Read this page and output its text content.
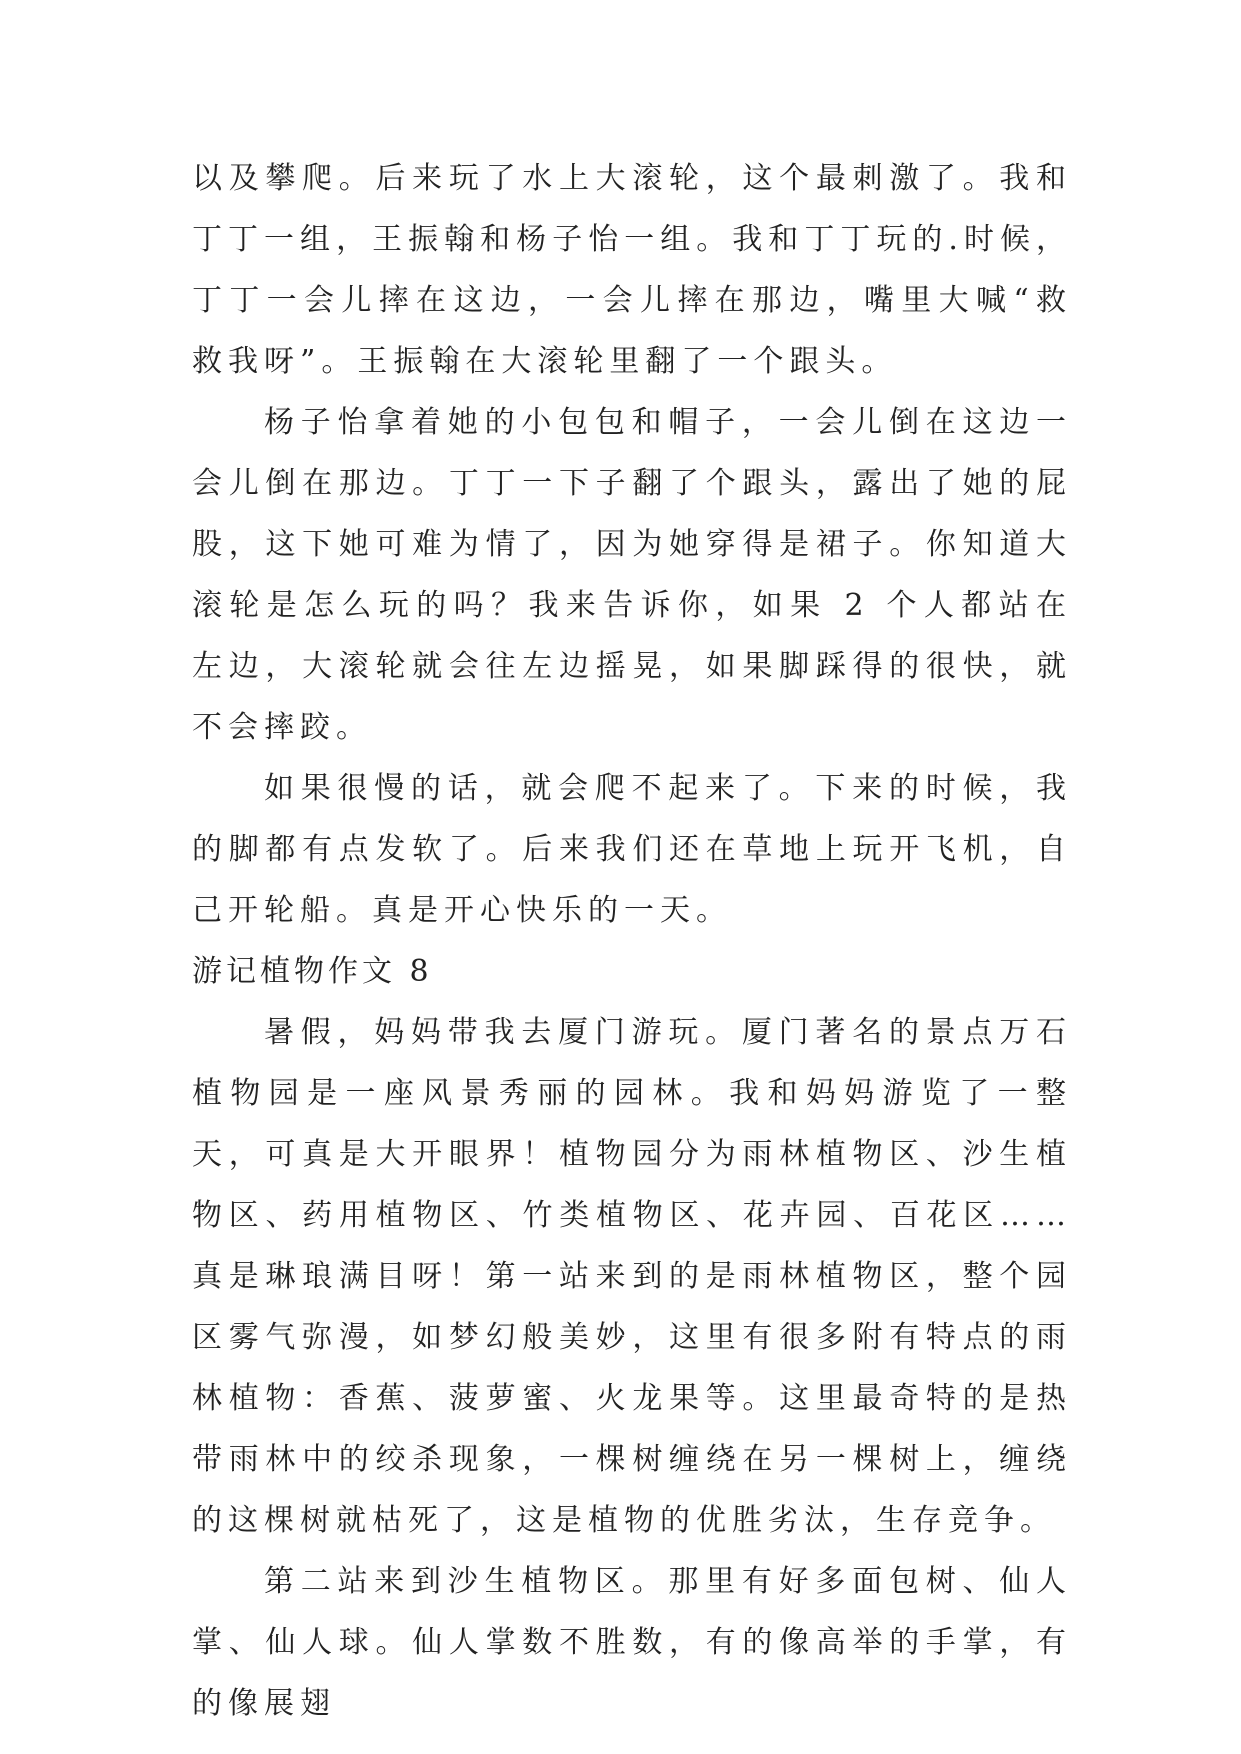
以及攀爬。后来玩了水上大滚轮，这个最刺激了。我和丁丁一组，王振翰和杨子怡一组。我和丁丁玩的.时候，丁丁一会儿摔在这边，一会儿摔在那边，嘴里大喊“救救我呀”。王振翰在大滚轮里翻了一个跟头。

杨子怡拿着她的小包包和帽子，一会儿倒在这边一会儿倒在那边。丁丁一下子翻了个跟头，露出了她的屁股，这下她可难为情了，因为她穿得是裙子。你知道大滚轮是怎么玩的吗？我来告诉你，如果 2 个人都站在左边，大滚轮就会往左边摇晃，如果脚踩得的很快，就不会摔跤。

如果很慢的话，就会爬不起来了。下来的时候，我的脚都有点发软了。后来我们还在草地上玩开飞机，自己开轮船。真是开心快乐的一天。

游记植物作文 8

暑假，妈妈带我去厦门游玩。厦门著名的景点万石植物园是一座风景秀丽的园林。我和妈妈游览了一整天，可真是大开眼界！植物园分为雨林植物区、沙生植物区、药用植物区、竹类植物区、花卉园、百花区……真是琳琅满目呀！第一站来到的是雨林植物区，整个园区雾气弥漫，如梦幻般美妙，这里有很多附有特点的雨林植物：香蕉、菠萝蜜、火龙果等。这里最奇特的是热带雨林中的绞杀现象，一棵树缠绕在另一棵树上，缠绕的这棵树就枯死了，这是植物的优胜劣汰，生存竞争。

第二站来到沙生植物区。那里有好多面包树、仙人掌、仙人球。仙人掌数不胜数，有的像高举的手掌，有的像展翅
